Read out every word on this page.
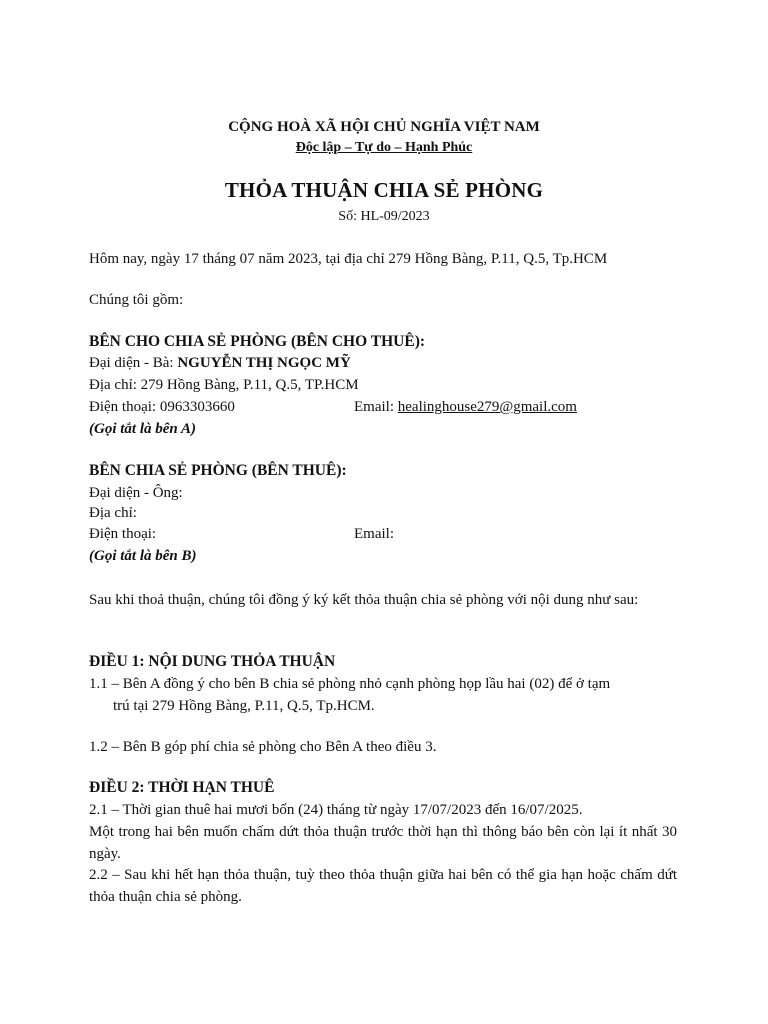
CỘNG HOÀ XÃ HỘI CHỦ NGHĨA VIỆT NAM
Độc lập – Tự do – Hạnh Phúc
THỎA THUẬN CHIA SẺ PHÒNG
Số: HL-09/2023
Hôm nay, ngày 17 tháng 07 năm 2023, tại địa chỉ 279 Hồng Bàng, P.11, Q.5, Tp.HCM
Chúng tôi gồm:
BÊN CHO CHIA SẺ PHÒNG (BÊN CHO THUÊ):
Đại diện - Bà: NGUYỄN THỊ NGỌC MỸ
Địa chỉ: 279 Hồng Bàng, P.11, Q.5, TP.HCM
Điện thoại: 0963303660	Email: healinghouse279@gmail.com
(Gọi tắt là bên A)
BÊN CHIA SẺ PHÒNG (BÊN THUÊ):
Đại diện - Ông:
Địa chỉ:
Điện thoại:	Email:
(Gọi tắt là bên B)
Sau khi thoả thuận, chúng tôi đồng ý ký kết thỏa thuận chia sẻ phòng với nội dung như sau:
ĐIỀU 1: NỘI DUNG THỎA THUẬN
1.1 – Bên A đồng ý cho bên B chia sẻ phòng nhỏ cạnh phòng họp lầu hai (02) để ở tạm
trú tại 279 Hồng Bàng, P.11, Q.5, Tp.HCM.
1.2 – Bên B góp phí chia sẻ phòng cho Bên A theo điều 3.
ĐIỀU 2: THỜI HẠN THUÊ
2.1 – Thời gian thuê hai mươi bốn (24) tháng từ ngày 17/07/2023 đến 16/07/2025.
Một trong hai bên muốn chấm dứt thỏa thuận trước thời hạn thì thông báo bên còn lại ít nhất 30 ngày.
2.2 – Sau khi hết hạn thỏa thuận, tuỳ theo thỏa thuận giữa hai bên có thể gia hạn hoặc chấm dứt thỏa thuận chia sẻ phòng.
